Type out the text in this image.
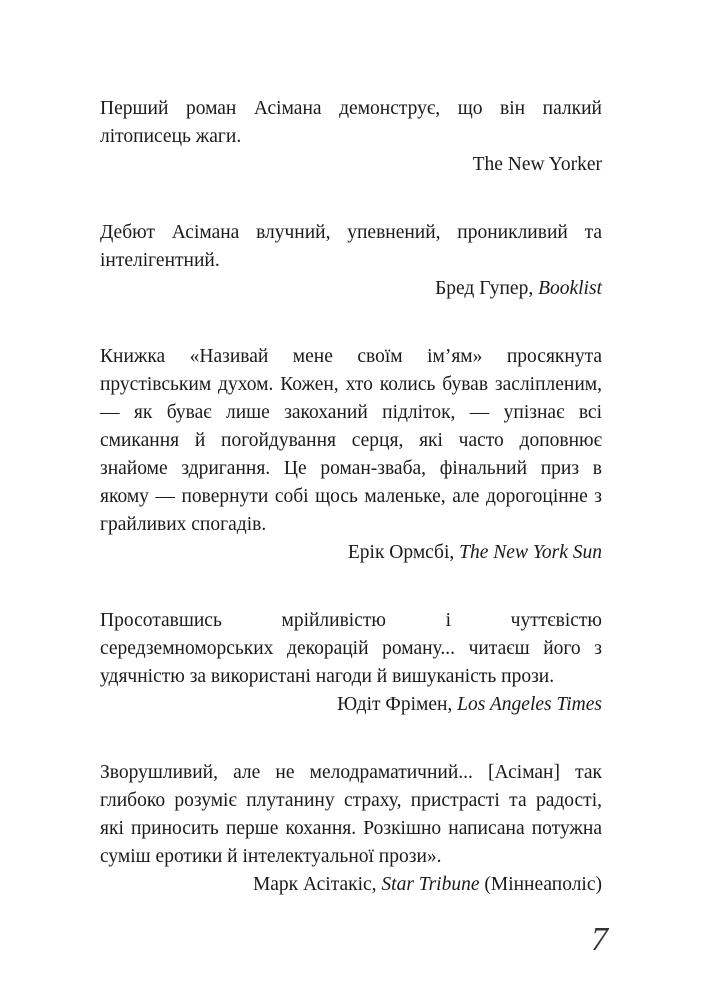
Перший роман Асімана демонструє, що він палкий літописець жаги.

The New Yorker

Дебют Асімана влучний, упевнений, проникливий та інтелігентний.

Бред Гупер, Booklist

Книжка «Називай мене своїм ім’ям» просякнута прустівським духом. Кожен, хто колись бував засліпленим, — як буває лише закоханий підліток, — упізнає всі смикання й погойдування серця, які часто доповнює знайоме здригання. Це роман-зваба, фінальний приз в якому — повернути собі щось маленьке, але дорогоцінне з грайливих спогадів.

Ерік Ормсбі, The New York Sun

Просотавшись мрійливістю і чуттєвістю середземноморських декорацій роману... читаєш його з удячністю за використані нагоди й вишуканість прози.

Юдіт Фрімен, Los Angeles Times

Зворушливий, але не мелодраматичний... [Асіман] так глибоко розуміє плутанину страху, пристрасті та радості, які приносить перше кохання. Розкішно написана потужна суміш еротики й інтелектуальної прози».

Марк Асітакіс, Star Tribune (Міннеаполіс)

7
